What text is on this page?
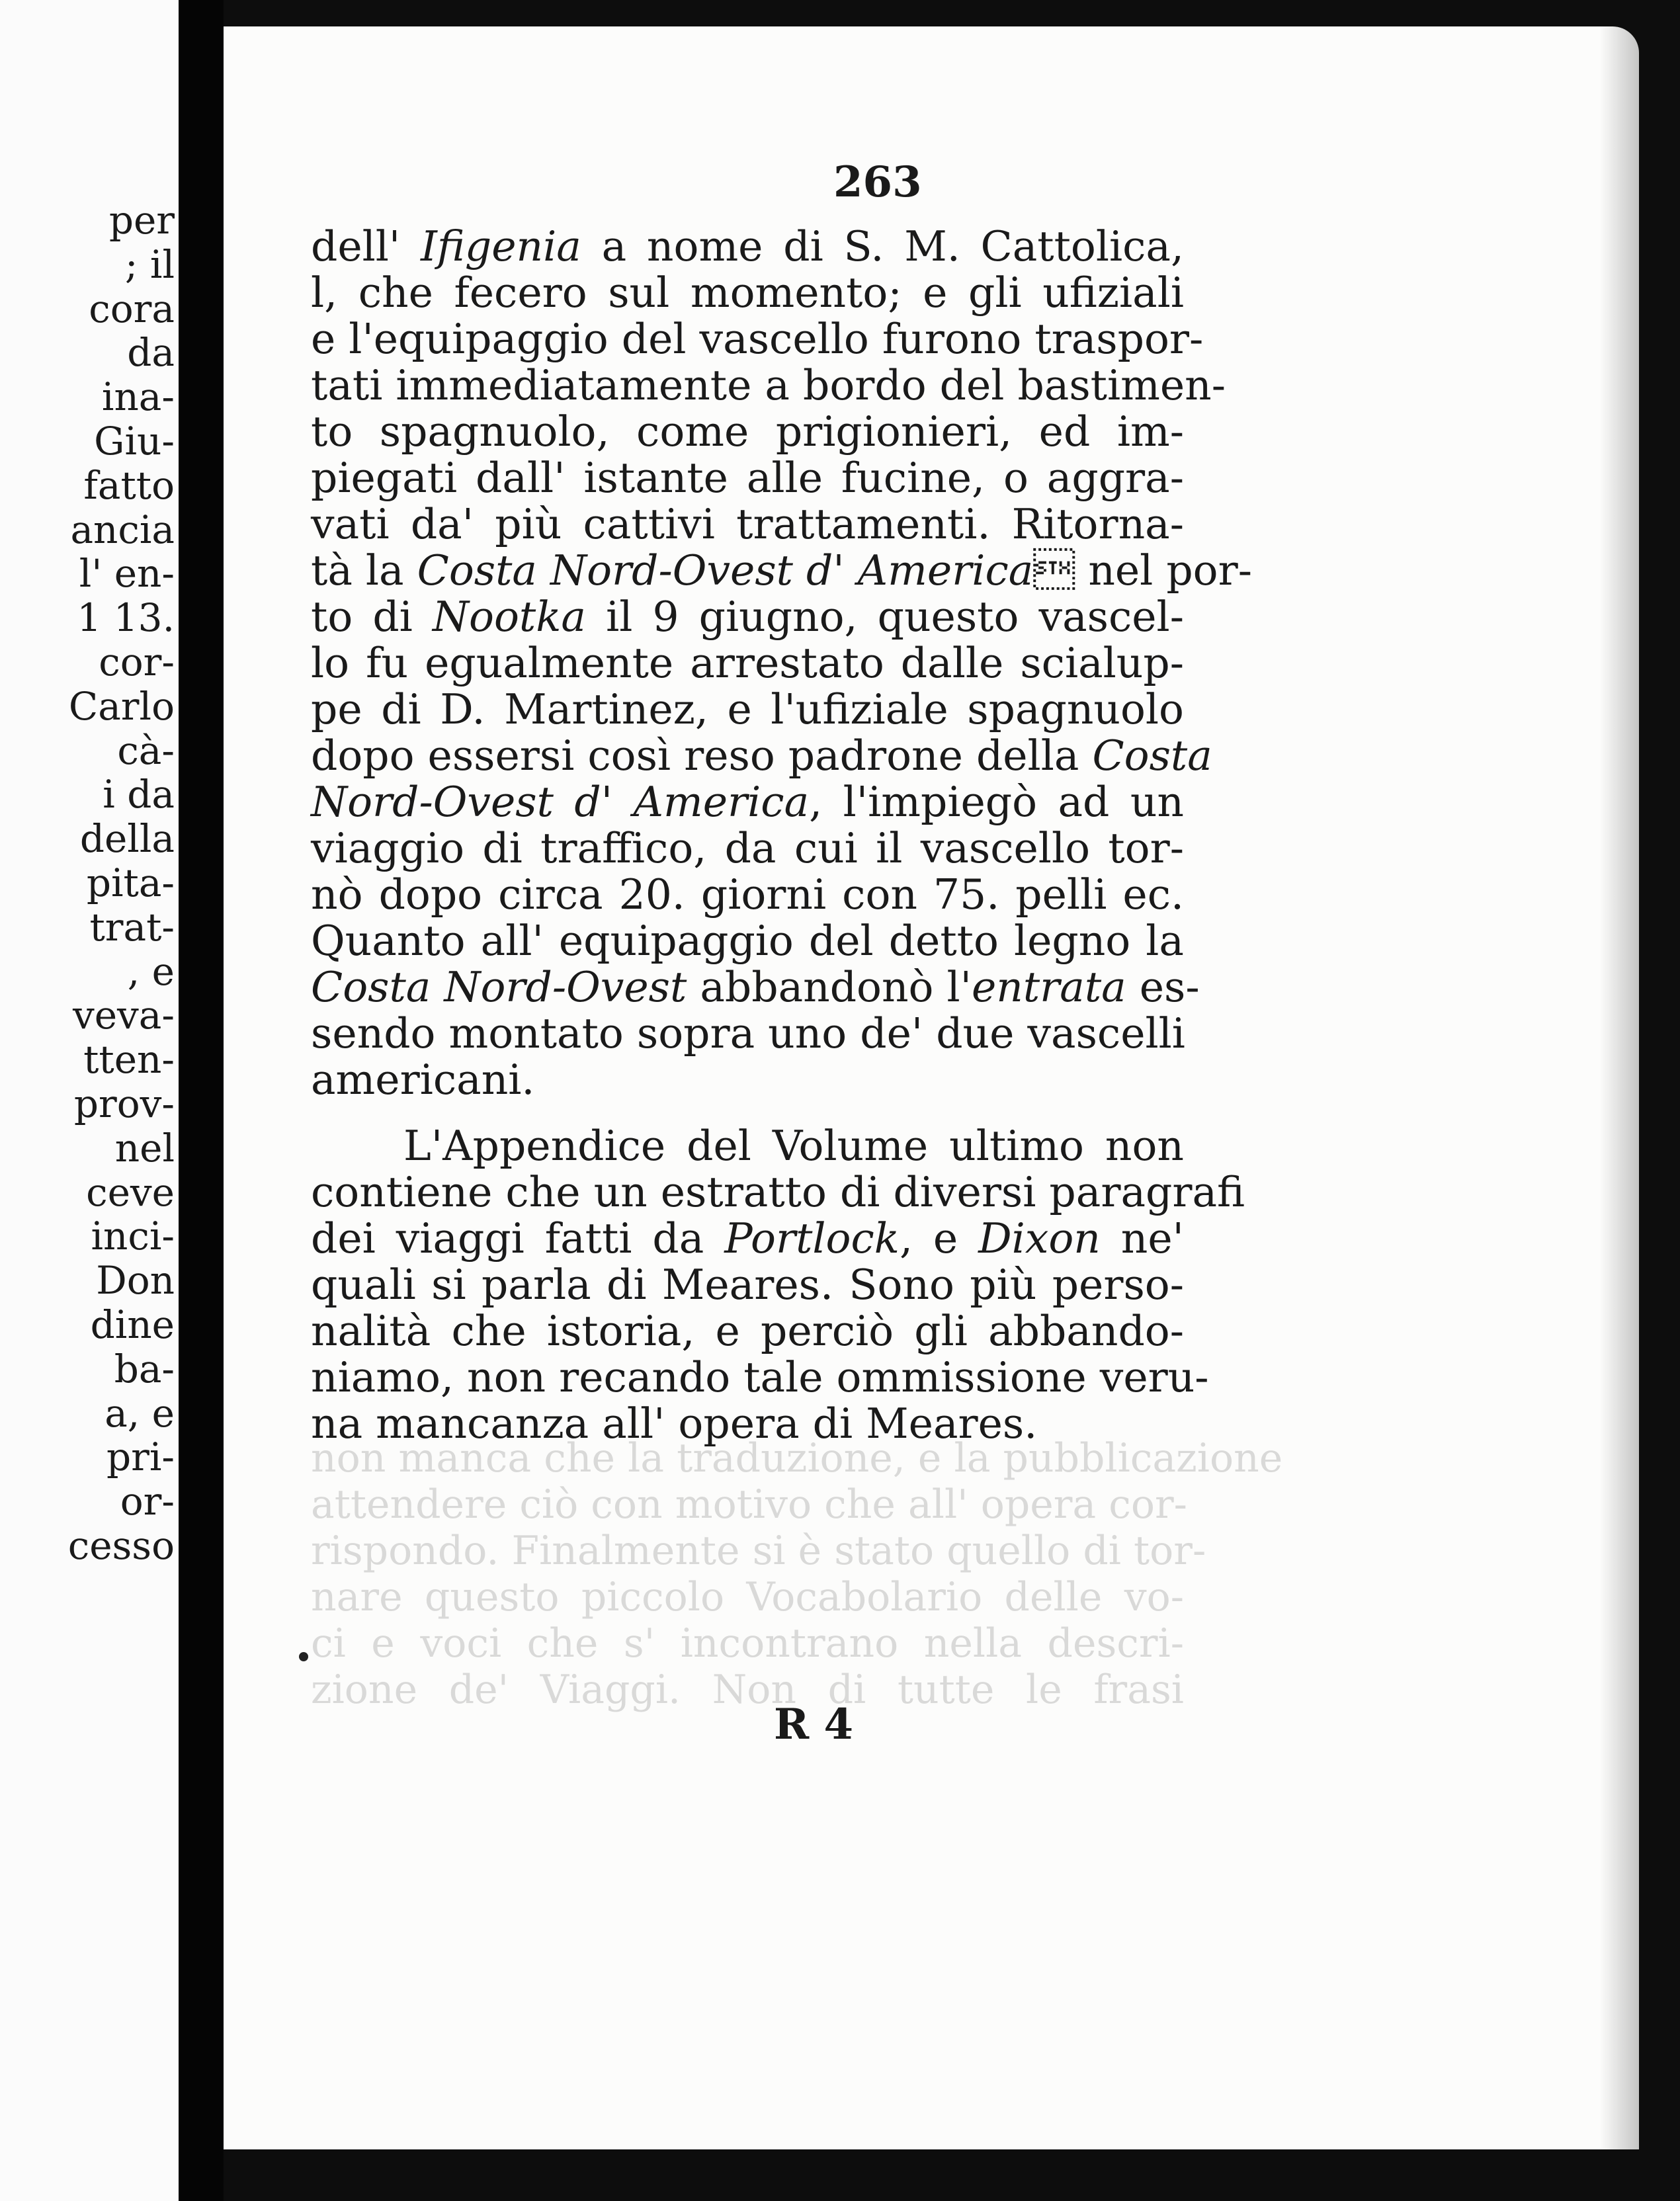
per
; il
cora
da
ina-
Giu-
fatto
ancia
l' en-
1 13.
cor-
Carlo
cà-
i da
della
pita-
trat-
, e
veva-
tten-
prov-
nel
ceve
inci-
Don
dine
ba-
a, e
pri-
or-
cesso
263
non manca che la traduzione, e la pubblicazione
attendere ciò con motivo che all' opera cor-
rispondo. Finalmente si è stato quello di tor-
nare questo piccolo Vocabolario delle vo-
ci e voci che s' incontrano nella descri-
zione de' Viaggi. Non di tutte le frasi
dell' Ifigenia a nome di S. M. Cattolica,
l, che fecero sul momento; e gli ufiziali
e l'equipaggio del vascello furono traspor-
tati immediatamente a bordo del bastimen-
to spagnuolo, come prigionieri, ed im-
piegati dall' istante alle fucine, o aggra-
vati da' più cattivi trattamenti. Ritorna-
tà la Costa Nord-Ovest d' America nel por-
to di Nootka il 9 giugno, questo vascel-
lo fu egualmente arrestato dalle scialup-
pe di D. Martinez, e l'ufiziale spagnuolo
dopo essersi così reso padrone della Costa
Nord-Ovest d' America, l'impiegò ad un
viaggio di traffico, da cui il vascello tor-
nò dopo circa 20. giorni con 75. pelli ec.
Quanto all' equipaggio del detto legno la
Costa Nord-Ovest abbandonò l'entrata es-
sendo montato sopra uno de' due vascelli
americani.
L'Appendice del Volume ultimo non
contiene che un estratto di diversi paragrafi
dei viaggi fatti da Portlock, e Dixon ne'
quali si parla di Meares. Sono più perso-
nalità che istoria, e perciò gli abbando-
niamo, non recando tale ommissione veru-
na mancanza all' opera di Meares.
R 4
